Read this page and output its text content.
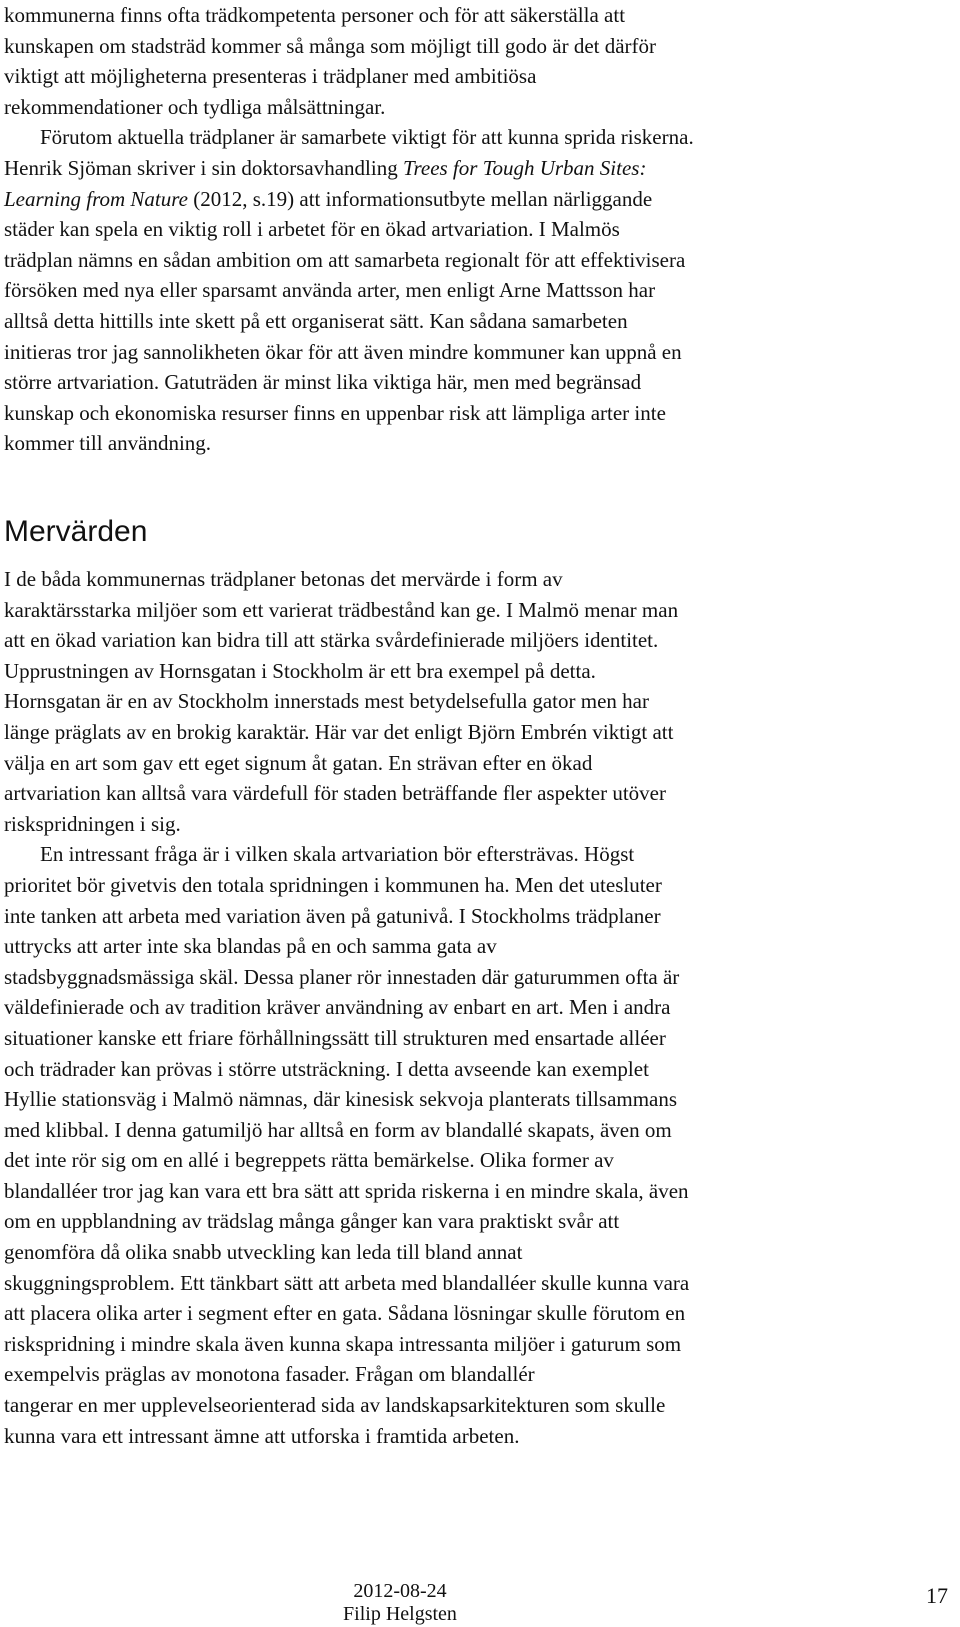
kommunerna finns ofta trädkompetenta personer och för att säkerställa att
kunskapen om stadsträd kommer så många som möjligt till godo är det därför
viktigt att möjligheterna presenteras i trädplaner med ambitiösa
rekommendationer och tydliga målsättningar.
Förutom aktuella trädplaner är samarbete viktigt för att kunna sprida riskerna.
Henrik Sjöman skriver i sin doktorsavhandling Trees for Tough Urban Sites:
Learning from Nature (2012, s.19) att informationsutbyte mellan närliggande
städer kan spela en viktig roll i arbetet för en ökad artvariation. I Malmös
trädplan nämns en sådan ambition om att samarbeta regionalt för att effektivisera
försöken med nya eller sparsamt använda arter, men enligt Arne Mattsson har
alltså detta hittills inte skett på ett organiserat sätt. Kan sådana samarbeten
initieras tror jag sannolikheten ökar för att även mindre kommuner kan uppnå en
större artvariation. Gatuträden är minst lika viktiga här, men med begränsad
kunskap och ekonomiska resurser finns en uppenbar risk att lämpliga arter inte
kommer till användning.
Mervärden
I de båda kommunernas trädplaner betonas det mervärde i form av
karaktärsstarka miljöer som ett varierat trädbestånd kan ge. I Malmö menar man
att en ökad variation kan bidra till att stärka svårdefinierade miljöers identitet.
Upprustningen av Hornsgatan i Stockholm är ett bra exempel på detta.
Hornsgatan är en av Stockholm innerstads mest betydelsefulla gator men har
länge präglats av en brokig karaktär. Här var det enligt Björn Embrén viktigt att
välja en art som gav ett eget signum åt gatan. En strävan efter en ökad
artvariation kan alltså vara värdefull för staden beträffande fler aspekter utöver
riskspridningen i sig.
En intressant fråga är i vilken skala artvariation bör eftersträvas. Högst
prioritet bör givetvis den totala spridningen i kommunen ha. Men det utesluter
inte tanken att arbeta med variation även på gatunivå. I Stockholms trädplaner
uttrycks att arter inte ska blandas på en och samma gata av
stadsbyggnadsmässiga skäl. Dessa planer rör innestaden där gaturummen ofta är
väldefinierade och av tradition kräver användning av enbart en art. Men i andra
situationer kanske ett friare förhållningssätt till strukturen med ensartade alléer
och trädrader kan prövas i större utsträckning. I detta avseende kan exemplet
Hyllie stationsväg i Malmö nämnas, där kinesisk sekvoja planterats tillsammans
med klibbal. I denna gatumiljö har alltså en form av blandallé skapats, även om
det inte rör sig om en allé i begreppets rätta bemärkelse. Olika former av
blandalléer tror jag kan vara ett bra sätt att sprida riskerna i en mindre skala, även
om en uppblandning av trädslag många gånger kan vara praktiskt svår att
genomföra då olika snabb utveckling kan leda till bland annat
skuggningsproblem. Ett tänkbart sätt att arbeta med blandalléer skulle kunna vara
att placera olika arter i segment efter en gata. Sådana lösningar skulle förutom en
riskspridning i mindre skala även kunna skapa intressanta miljöer i gaturum som
exempelvis präglas av monotona fasader. Frågan om blandallér
tangerar en mer upplevelseorienterad sida av landskapsarkitekturen som skulle
kunna vara ett intressant ämne att utforska i framtida arbeten.
2012-08-24
Filip Helgsten
17
